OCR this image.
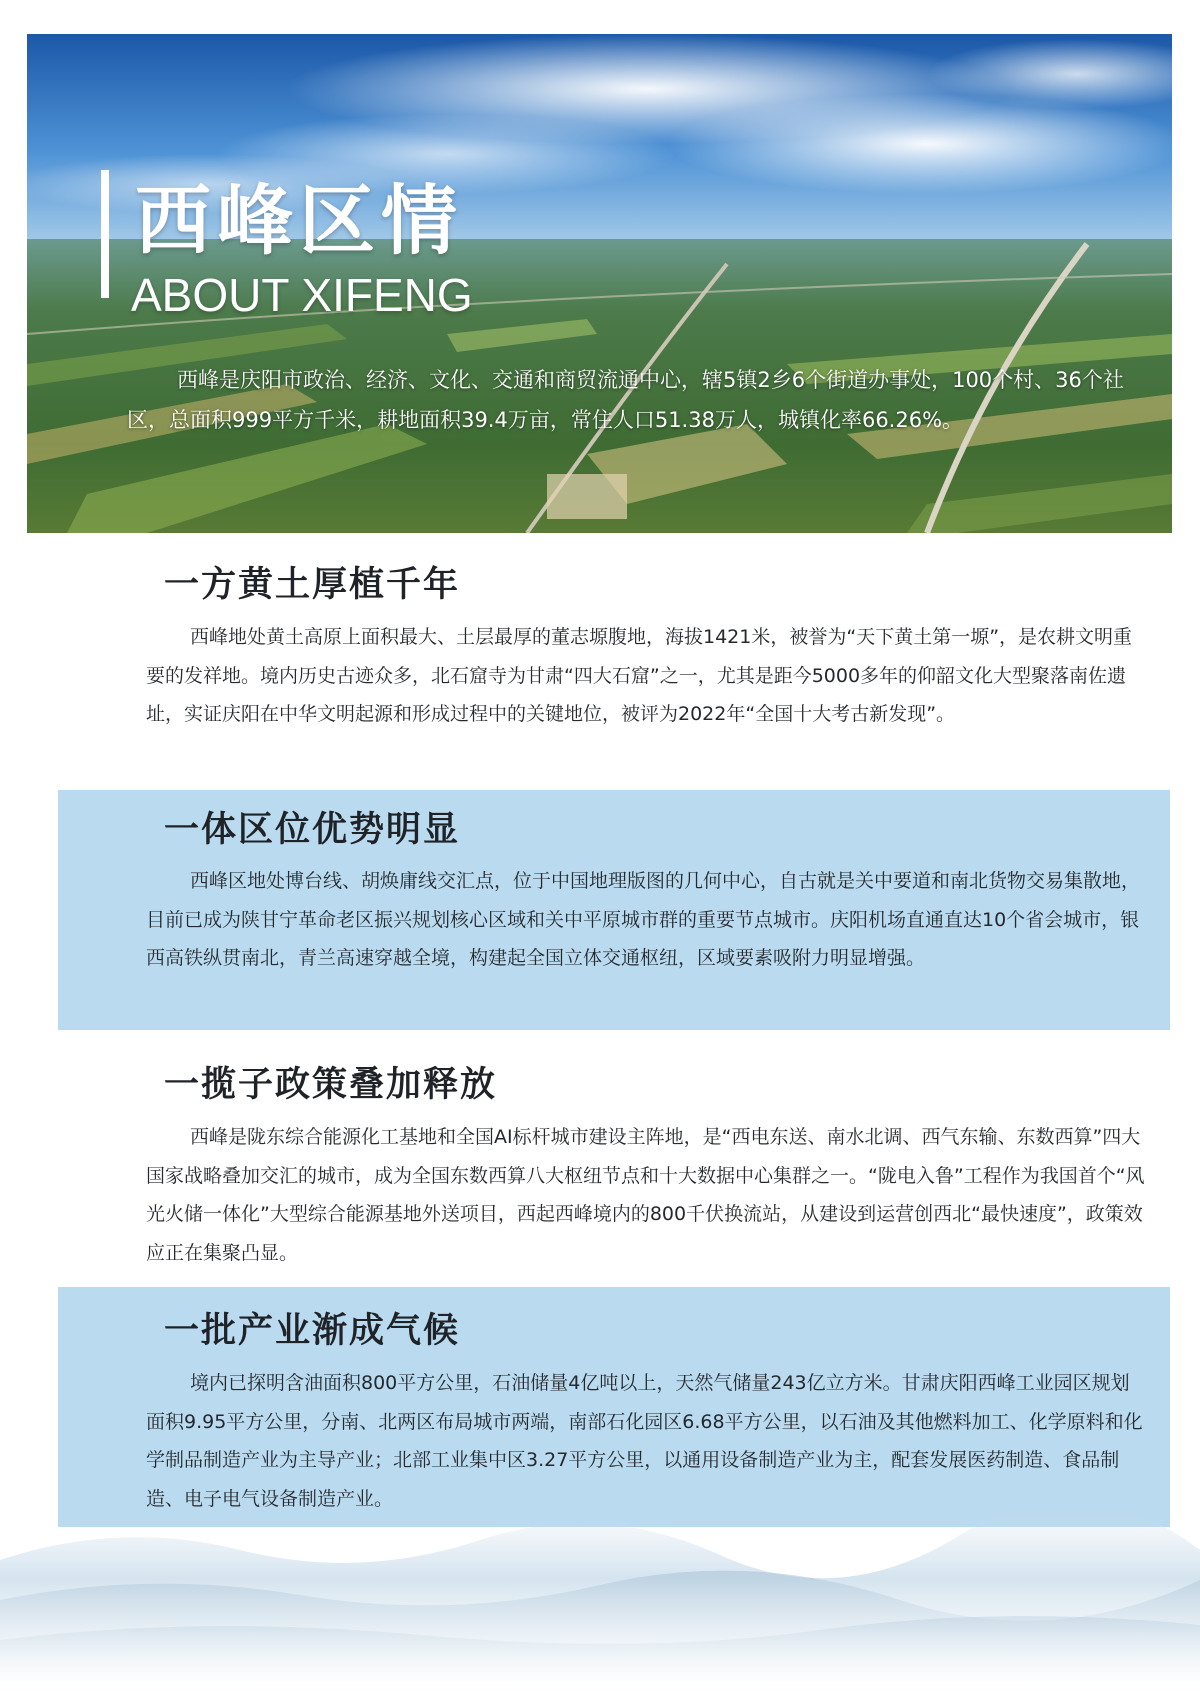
西峰区情
ABOUT XIFENG

西峰是庆阳市政治、经济、文化、交通和商贸流通中心，辖5镇2乡6个街道办事处，100个村、36个社区，总面积999平方千米，耕地面积39.4万亩，常住人口51.38万人，城镇化率66.26%。

一方黄土厚植千年

西峰地处黄土高原上面积最大、土层最厚的董志塬腹地，海拔1421米，被誉为“天下黄土第一塬”，是农耕文明重要的发祥地。境内历史古迹众多，北石窟寺为甘肃“四大石窟”之一，尤其是距今5000多年的仰韶文化大型聚落南佐遗址，实证庆阳在中华文明起源和形成过程中的关键地位，被评为2022年“全国十大考古新发现”。

一体区位优势明显

西峰区地处博台线、胡焕庸线交汇点，位于中国地理版图的几何中心，自古就是关中要道和南北货物交易集散地，目前已成为陕甘宁革命老区振兴规划核心区域和关中平原城市群的重要节点城市。庆阳机场直通直达10个省会城市，银西高铁纵贯南北，青兰高速穿越全境，构建起全国立体交通枢纽，区域要素吸附力明显增强。

一揽子政策叠加释放

西峰是陇东综合能源化工基地和全国AI标杆城市建设主阵地，是“西电东送、南水北调、西气东输、东数西算”四大国家战略叠加交汇的城市，成为全国东数西算八大枢纽节点和十大数据中心集群之一。“陇电入鲁”工程作为我国首个“风光火储一体化”大型综合能源基地外送项目，西起西峰境内的800千伏换流站，从建设到运营创西北“最快速度”，政策效应正在集聚凸显。

一批产业渐成气候

境内已探明含油面积800平方公里，石油储量4亿吨以上，天然气储量243亿立方米。甘肃庆阳西峰工业园区规划面积9.95平方公里，分南、北两区布局城市两端，南部石化园区6.68平方公里，以石油及其他燃料加工、化学原料和化学制品制造产业为主导产业；北部工业集中区3.27平方公里，以通用设备制造产业为主，配套发展医药制造、食品制造、电子电气设备制造产业。
